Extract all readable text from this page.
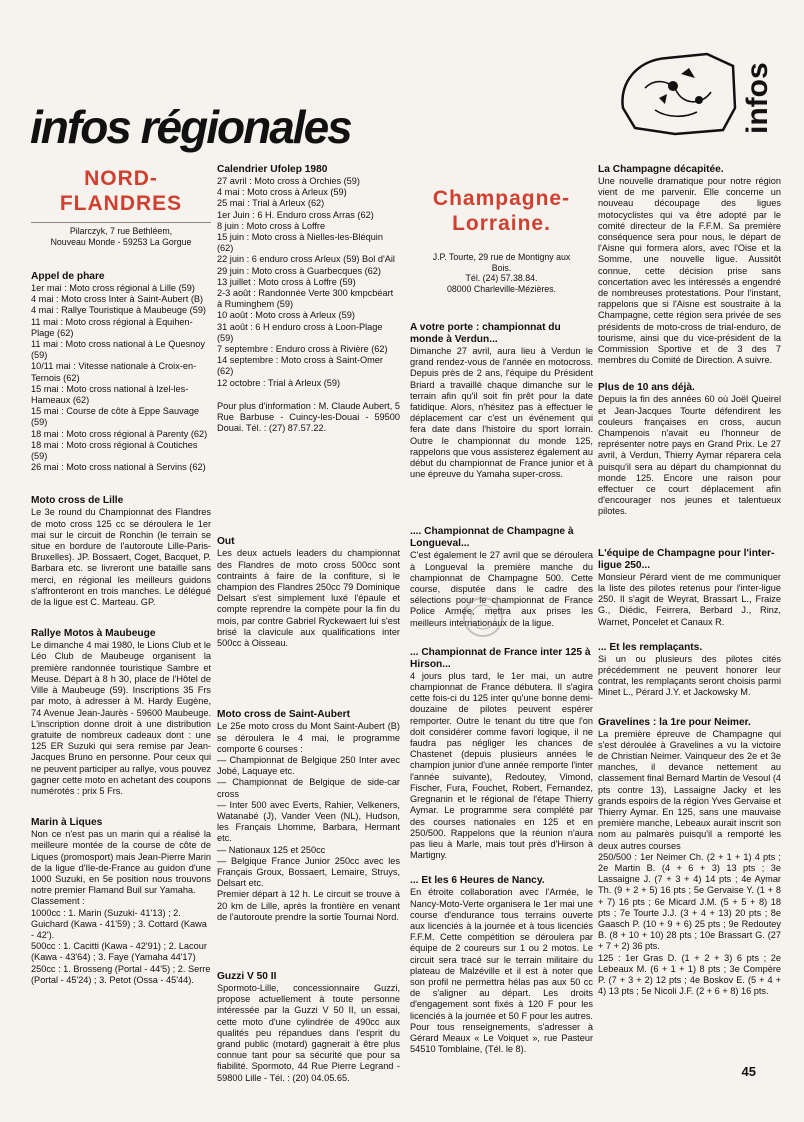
infos régionales	infos
NORD-
FLANDRES
Pilarczyk, 7 rue Bethléem,
Nouveau Monde - 59253 La Gorgue
Appel de phare
1er mai : Moto cross régional à Lille (59)
4 mai : Moto cross Inter à Saint-Aubert (B)
4 mai : Rallye Touristique à Maubeuge (59)
11 mai : Moto cross régional à Equihen-Plage (62)
11 mai : Moto cross national à Le Quesnoy (59)
10/11 mai : Vitesse nationale à Croix-en-Ternois (62)
15 mai : Moto cross national à Izel-les-Hameaux (62)
15 mai : Course de côte à Eppe Sauvage (59)
18 mai : Moto cross régional à Parenty (62)
18 mai : Moto cross régional à Coutiches (59)
26 mai : Moto cross national à Servins (62)
Moto cross de Lille
Le 3e round du Championnat des Flandres de moto cross 125 cc se déroulera le 1er mai sur le circuit de Ronchin (le terrain se situe en bordure de l'autoroute Lille-Paris-Bruxelles). JP. Bossaert, Coget, Bacquet, P. Barbara etc. se livreront une bataille sans merci, en régional les meilleurs guidons s'affronteront en trois manches. Le délégué de la ligue est C. Marteau. GP.
Rallye Motos à Maubeuge
Le dimanche 4 mai 1980, le Lions Club et le Léo Club de Maubeuge organisent la première randonnée touristique Sambre et Meuse. Départ à 8 h 30, place de l'Hôtel de Ville à Maubeuge (59). Inscriptions 35 Frs par moto, à adresser à M. Hardy Eugène, 74 Avenue Jean-Jaurès - 59600 Maubeuge. L'inscription donne droit à une distribution gratuite de nombreux cadeaux dont : une 125 ER Suzuki qui sera remise par Jean-Jacques Bruno en personne. Pour ceux qui ne peuvent participer au rallye, vous pouvez gagner cette moto en achetant des coupons numérotés : prix 5 Frs.
Marin à Liques
Non ce n'est pas un marin qui a réalisé la meilleure montée de la course de côte de Liques (promosport) mais Jean-Pierre Marin de la ligue d'Ile-de-France au guidon d'une 1000 Suzuki, en 5e position nous trouvons notre premier Flamand Buil sur Yamaha.
Classement :
1000cc : 1. Marin (Suzuki- 41'13) ; 2. Guichard (Kawa - 41'59) ; 3. Cottard (Kawa - 42').
500cc : 1. Cacitti (Kawa - 42'91) ; 2. Lacour (Kawa - 43'64) ; 3. Faye (Yamaha 44'17)
250cc : 1. Brosseng (Portal - 44'5) ; 2. Serre (Portal - 45'24) ; 3. Petot (Ossa - 45'44).
Calendrier Ufolep 1980
27 avril : Moto cross à Orchies (59)
4 mai : Moto cross à Arleux (59)
25 mai : Trial à Arleux (62)
1er Juin : 6 H. Enduro cross Arras (62)
8 juin : Moto cross à Loffre
15 juin : Moto cross à Nielles-les-Bléquin (62)
22 juin : 6 enduro cross Arleux (59) Bol d'Ail
29 juin : Moto cross à Guarbecques (62)
13 juillet : Moto cross à Loffre (59)
2-3 août : Randonnée Verte 300 kmpcbéart à Ruminghem (59)
10 août : Moto cross à Arleux (59)
31 août : 6 H enduro cross à Loon-Plage (59)
7 septembre : Enduro cross à Rivière (62)
14 septembre : Moto cross à Saint-Omer (62)
12 octobre : Trial à Arleux (59)
Pour plus d'information : M. Claude Aubert, 5 Rue Barbuse - Cuincy-les-Douai - 59500 Douai. Tél. : (27) 87.57.22.
Out
Les deux actuels leaders du championnat des Flandres de moto cross 500cc sont contraints à faire de la confiture, si le champion des Flandres 250cc 79 Dominique Delsart s'est simplement luxé l'épaule et compte reprendre la compète pour la fin du mois, par contre Gabriel Ryckewaert lui s'est brisé la clavicule aux qualifications inter 500cc à Oisseau.
Moto cross de Saint-Aubert
Le 25e moto cross du Mont Saint-Aubert (B) se déroulera le 4 mai, le programme comporte 6 courses :
— Championnat de Belgique 250 Inter avec Jobé, Laquaye etc.
— Championnat de Belgique de side-car cross
— Inter 500 avec Everts, Rahier, Velkeners, Watanabé (J), Vander Veen (NL), Hudson, les Français Lhomme, Barbara, Hermant etc.
— Nationaux 125 et 250cc
— Belgique France Junior 250cc avec les Français Groux, Bossaert, Lemaire, Struys, Delsart etc.
Premier départ à 12 h. Le circuit se trouve à 20 km de Lille, après la frontière en venant de l'autoroute prendre la sortie Tournai Nord.
Guzzi V 50 II
Spormoto-Lille, concessionnaire Guzzi, propose actuellement à toute personne intéressée par la Guzzi V 50 II, un essai, cette moto d'une cylindrée de 490cc aux qualités peu répandues dans l'esprit du grand public (motard) gagnerait à être plus connue tant pour sa sécurité que pour sa fiabilité. Spormoto, 44 Rue Pierre Legrand - 59800 Lille - Tél. : (20) 04.05.65.
Champagne-
Lorraine.
J.P. Tourte, 29 rue de Montigny aux
Bois.
Tél. (24) 57.38.84.
08000 Charleville-Mézières.
A votre porte : championnat du monde à Verdun...
Dimanche 27 avril, aura lieu à Verdun le grand rendez-vous de l'année en motocross. Depuis près de 2 ans, l'équipe du Président Briard a travaillé chaque dimanche sur le terrain afin qu'il soit fin prêt pour la date fatidique. Alors, n'hésitez pas à effectuer le déplacement car c'est un événement qui fera date dans l'histoire du sport lorrain. Outre le championnat du monde 125, rappelons que vous assisterez également au début du championnat de France junior et à une épreuve du Yamaha super-cross.
.... Championnat de Champagne à Longueval...
C'est également le 27 avril que se déroulera à Longueval la première manche du championnat de Champagne 500. Cette course, disputée dans le cadre des sélections pour le championnat de France Police Armée, mettra aux prises les meilleurs internationaux de la ligue.
... Championnat de France inter 125 à Hirson...
4 jours plus tard, le 1er mai, un autre championnat de France débutera. Il s'agira cette fois-ci du 125 inter qu'une bonne demi-douzaine de pilotes peuvent espérer remporter. Outre le tenant du titre que l'on doit considérer comme favori logique, il ne faudra pas négliger les chances de Chastenet (depuis plusieurs années le champion junior d'une année remporte l'inter l'année suivante), Redoutey, Vimond, Fischer, Fura, Fouchet, Robert, Fernandez, Gregnanin et le régional de l'étape Thierry Aymar. Le programme sera complété par des courses nationales en 125 et en 250/500. Rappelons que la réunion n'aura pas lieu à Marle, mais tout près d'Hirson à Martigny.
... Et les 6 Heures de Nancy.
En étroite collaboration avec l'Armée, le Nancy-Moto-Verte organisera le 1er mai une course d'endurance tous terrains ouverte aux licenciés à la journée et à tous licenciés F.F.M. Cette compétition se déroulera par équipe de 2 coureurs sur 1 ou 2 motos. Le circuit sera tracé sur le terrain militaire du plateau de Malzéville et il est à noter que son profil ne permettra hélas pas aux 50 cc de s'aligner au départ. Les droits d'engagement sont fixés à 120 F pour les licenciés à la journée et 50 F pour les autres. Pour tous renseignements, s'adresser à Gérard Meaux « Le Voiquet », rue Pasteur 54510 Tomblaine, (Tél. le 8).
La Champagne décapitée.
Une nouvelle dramatique pour notre région vient de me parvenir. Elle concerne un nouveau découpage des ligues motocyclistes qui va être adopté par le comité directeur de la F.F.M. Sa première conséquence sera pour nous, le départ de l'Aisne qui formera alors, avec l'Oise et la Somme, une nouvelle ligue. Aussitôt connue, cette décision prise sans concertation avec les intéressés a engendré de nombreuses protestations. Pour l'instant, rappelons que si l'Aisne est soustraite à la Champagne, cette région sera privée de ses présidents de moto-cross de trial-enduro, de tourisme, ainsi que du vice-président de la Commission Sportive et de 3 des 7 membres du Comité de Direction. A suivre.
Plus de 10 ans déjà.
Depuis la fin des années 60 où Joël Queirel et Jean-Jacques Tourte défendirent les couleurs françaises en cross, aucun Champenois n'avait eu l'honneur de représenter notre pays en Grand Prix. Le 27 avril, à Verdun, Thierry Aymar réparera cela puisqu'il sera au départ du championnat du monde 125. Encore une raison pour effectuer ce court déplacement afin d'encourager nos jeunes et talentueux pilotes.
L'équipe de Champagne pour l'inter-ligue 250...
Monsieur Pérard vient de me communiquer la liste des pilotes retenus pour l'inter-ligue 250. Il s'agit de Weyrat, Brassart L., Fraize G., Diédic, Feirrera, Berbard J., Rinz, Warnet, Poncelet et Canaux R.
... Et les remplaçants.
Si un ou plusieurs des pilotes cités précédemment ne peuvent honorer leur contrat, les remplaçants seront choisis parmi Minet L., Pérard J.Y. et Jackowsky M.
Gravelines : la 1re pour Neimer.
La première épreuve de Champagne qui s'est déroulée à Gravelines a vu la victoire de Christian Neimer. Vainqueur des 2e et 3e manches, il devance nettement au classement final Bernard Martin de Vesoul (4 pts contre 13), Lassaigne Jacky et les grands espoirs de la région Yves Gervaise et Thierry Aymar. En 125, sans une mauvaise première manche, Lebeaux aurait inscrit son nom au palmarès puisqu'il a remporté les deux autres courses
250/500 : 1er Neimer Ch. (2 + 1 + 1) 4 pts ; 2e Martin B. (4 + 6 + 3) 13 pts ; 3e Lassaigne J. (7 + 3 + 4) 14 pts ; 4e Aymar Th. (9 + 2 + 5) 16 pts ; 5e Gervaise Y. (1 + 8 + 7) 16 pts ; 6e Micard J.M. (5 + 5 + 8) 18 pts ; 7e Tourte J.J. (3 + 4 + 13) 20 pts ; 8e Gaasch P. (10 + 9 + 6) 25 pts ; 9e Redoutey B. (8 + 10 + 10) 28 pts ; 10e Brassart G. (27 + 7 + 2) 36 pts.
125 : 1er Gras D. (1 + 2 + 3) 6 pts ; 2e Lebeaux M. (6 + 1 + 1) 8 pts ; 3e Compère P. (7 + 3 + 2) 12 pts ; 4e Boskov E. (5 + 4 + 4) 13 pts ; 5e Nicoli J.F. (2 + 6 + 8) 16 pts.
45
